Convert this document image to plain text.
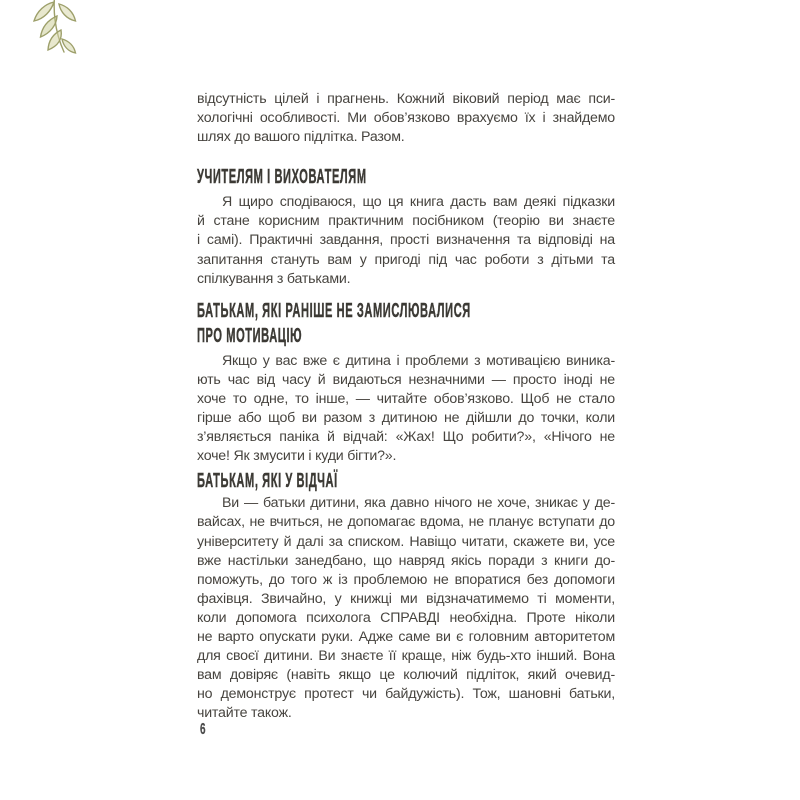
відсутність цілей і прагнень. Кожний віковий період має пси-
хологічні особливості. Ми обов’язково врахуємо їх і знайдемо
шлях до вашого підлітка. Разом.
УЧИТЕЛЯМ І ВИХОВАТЕЛЯМ
Я щиро сподіваюся, що ця книга дасть вам деякі підказки
й стане корисним практичним посібником (теорію ви знаєте
і самі). Практичні завдання, прості визначення та відповіді на
запитання стануть вам у пригоді під час роботи з дітьми та
спілкування з батьками.
БАТЬКАМ, ЯКІ РАНІШЕ НЕ ЗАМИСЛЮВАЛИСЯ
ПРО МОТИВАЦІЮ
Якщо у вас вже є дитина і проблеми з мотивацією виника-
ють час від часу й видаються незначними — просто іноді не
хоче то одне, то інше, — читайте обов’язково. Щоб не стало
гірше або щоб ви разом з дитиною не дійшли до точки, коли
з’являється паніка й відчай: «Жах! Що робити?», «Нічого не
хоче! Як змусити і куди бігти?».
БАТЬКАМ, ЯКІ У ВІДЧАЇ
Ви — батьки дитини, яка давно нічого не хоче, зникає у де-
вайсах, не вчиться, не допомагає вдома, не планує вступати до
університету й далі за списком. Навіщо читати, скажете ви, усе
вже настільки занедбано, що навряд якісь поради з книги до-
поможуть, до того ж із проблемою не впоратися без допомоги
фахівця. Звичайно, у книжці ми відзначатимемо ті моменти,
коли допомога психолога СПРАВДІ необхідна. Проте ніколи
не варто опускати руки. Адже саме ви є головним авторитетом
для своєї дитини. Ви знаєте її краще, ніж будь-хто інший. Вона
вам довіряє (навіть якщо це колючий підліток, який очевид-
но демонструє протест чи байдужість). Тож, шановні батьки,
читайте також.
6
